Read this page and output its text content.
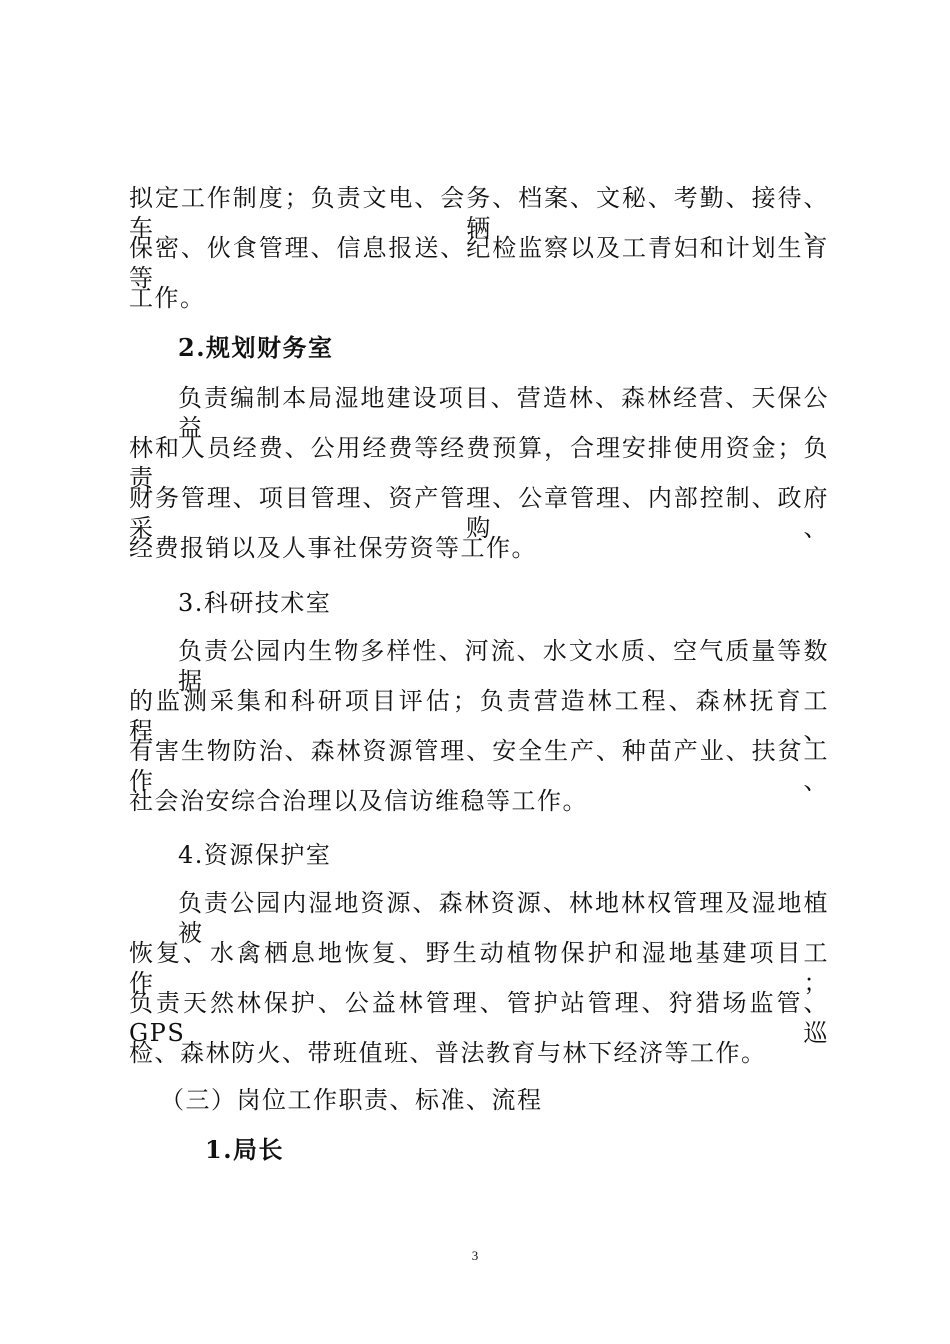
拟定工作制度；负责文电、会务、档案、文秘、考勤、接待、车辆、
保密、伙食管理、信息报送、纪检监察以及工青妇和计划生育等
工作。
2.规划财务室
负责编制本局湿地建设项目、营造林、森林经营、天保公益
林和人员经费、公用经费等经费预算，合理安排使用资金；负责
财务管理、项目管理、资产管理、公章管理、内部控制、政府采购、
经费报销以及人事社保劳资等工作。
3.科研技术室
负责公园内生物多样性、河流、水文水质、空气质量等数据
的监测采集和科研项目评估；负责营造林工程、森林抚育工程、
有害生物防治、森林资源管理、安全生产、种苗产业、扶贫工作、
社会治安综合治理以及信访维稳等工作。
4.资源保护室
负责公园内湿地资源、森林资源、林地林权管理及湿地植被
恢复、水禽栖息地恢复、野生动植物保护和湿地基建项目工作；
负责天然林保护、公益林管理、管护站管理、狩猎场监管、GPS巡
检、森林防火、带班值班、普法教育与林下经济等工作。
（三）岗位工作职责、标准、流程
1.局长
3
